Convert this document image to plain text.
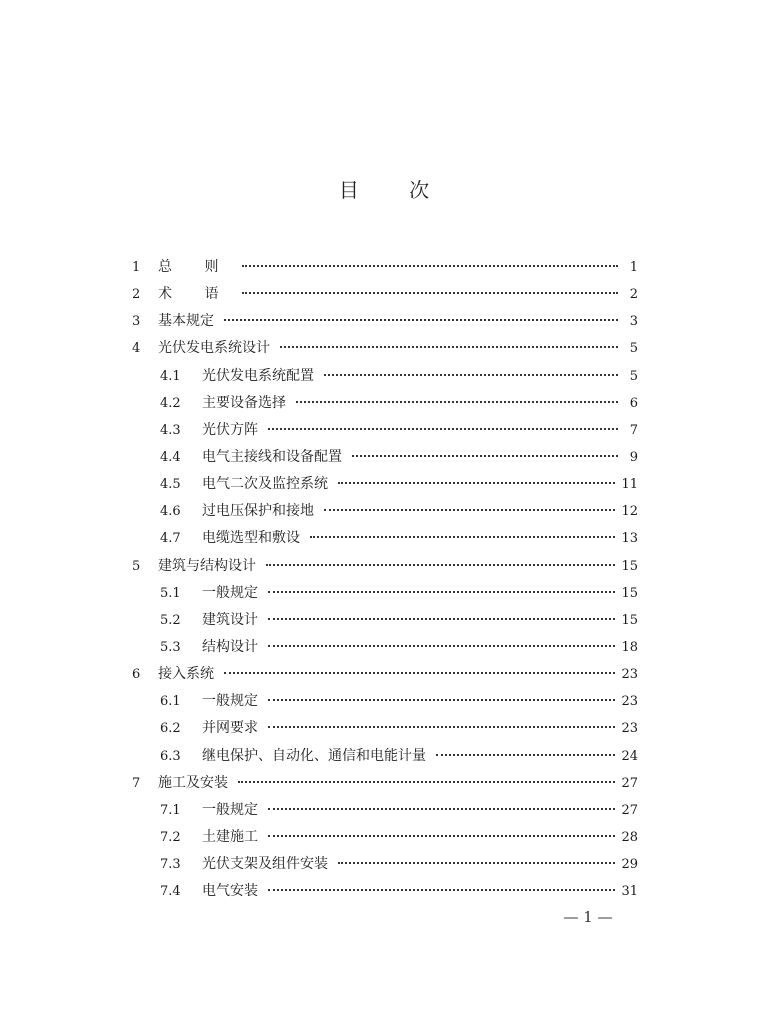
目 次
1	总 则	1
2	术 语	2
3	基本规定	3
4	光伏发电系统设计	5
4.1	光伏发电系统配置	5
4.2	主要设备选择	6
4.3	光伏方阵	7
4.4	电气主接线和设备配置	9
4.5	电气二次及监控系统	11
4.6	过电压保护和接地	12
4.7	电缆选型和敷设	13
5	建筑与结构设计	15
5.1	一般规定	15
5.2	建筑设计	15
5.3	结构设计	18
6	接入系统	23
6.1	一般规定	23
6.2	并网要求	23
6.3	继电保护、自动化、通信和电能计量	24
7	施工及安装	27
7.1	一般规定	27
7.2	土建施工	28
7.3	光伏支架及组件安装	29
7.4	电气安装	31
— 1 —
